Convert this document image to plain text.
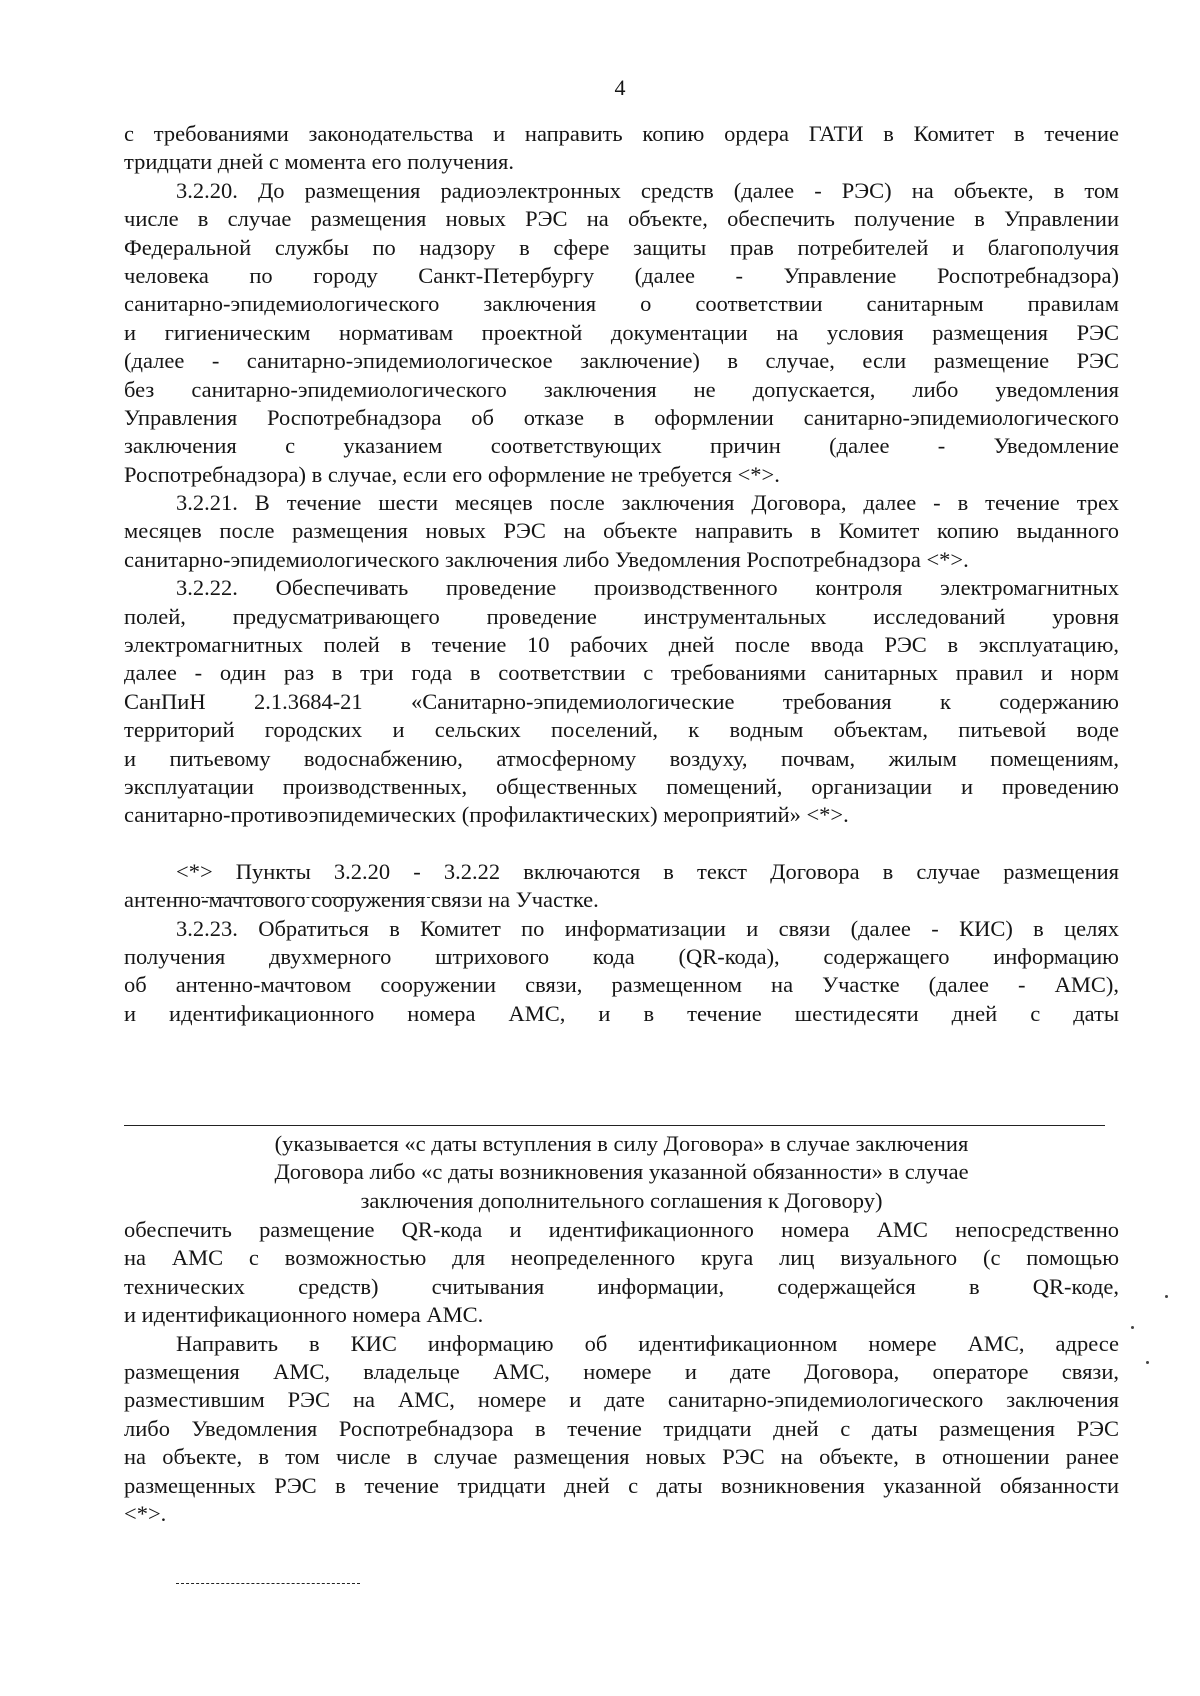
4
с требованиями законодательства и направить копию ордера ГАТИ в Комитет в течение
тридцати дней с момента его получения.
3.2.20. До размещения радиоэлектронных средств (далее - РЭС) на объекте, в том
числе в случае размещения новых РЭС на объекте, обеспечить получение в Управлении
Федеральной службы по надзору в сфере защиты прав потребителей и благополучия
человека по городу Санкт-Петербургу (далее - Управление Роспотребнадзора)
санитарно-эпидемиологического заключения о соответствии санитарным правилам
и гигиеническим нормативам проектной документации на условия размещения РЭС
(далее - санитарно-эпидемиологическое заключение) в случае, если размещение РЭС
без санитарно-эпидемиологического заключения не допускается, либо уведомления
Управления Роспотребнадзора об отказе в оформлении санитарно-эпидемиологического
заключения с указанием соответствующих причин (далее - Уведомление
Роспотребнадзора) в случае, если его оформление не требуется <*>.
3.2.21. В течение шести месяцев после заключения Договора, далее - в течение трех
месяцев после размещения новых РЭС на объекте направить в Комитет копию выданного
санитарно-эпидемиологического заключения либо Уведомления Роспотребнадзора <*>.
3.2.22. Обеспечивать проведение производственного контроля электромагнитных
полей, предусматривающего проведение инструментальных исследований уровня
электромагнитных полей в течение 10 рабочих дней после ввода РЭС в эксплуатацию,
далее - один раз в три года в соответствии с требованиями санитарных правил и норм
СанПиН 2.1.3684-21 «Санитарно-эпидемиологические требования к содержанию
территорий городских и сельских поселений, к водным объектам, питьевой воде
и питьевому водоснабжению, атмосферному воздуху, почвам, жилым помещениям,
эксплуатации производственных, общественных помещений, организации и проведению
санитарно-противоэпидемических (профилактических) мероприятий» <*>.
<*> Пункты 3.2.20 - 3.2.22 включаются в текст Договора в случае размещения
антенно-мачтового сооружения связи на Участке.
3.2.23. Обратиться в Комитет по информатизации и связи (далее - КИС) в целях
получения двухмерного штрихового кода (QR-кода), содержащего информацию
об антенно-мачтовом сооружении связи, размещенном на Участке (далее - АМС),
и идентификационного номера АМС, и в течение шестидесяти дней с даты
(указывается «с даты вступления в силу Договора» в случае заключения
Договора либо «с даты возникновения указанной обязанности» в случае
заключения дополнительного соглашения к Договору)
обеспечить размещение QR-кода и идентификационного номера АМС непосредственно
на АМС с возможностью для неопределенного круга лиц визуального (с помощью
технических средств) считывания информации, содержащейся в QR-коде,
и идентификационного номера АМС.
Направить в КИС информацию об идентификационном номере АМС, адресе
размещения АМС, владельце АМС, номере и дате Договора, операторе связи,
разместившим РЭС на АМС, номере и дате санитарно-эпидемиологического заключения
либо Уведомления Роспотребнадзора в течение тридцати дней с даты размещения РЭС
на объекте, в том числе в случае размещения новых РЭС на объекте, в отношении ранее
размещенных РЭС в течение тридцати дней с даты возникновения указанной обязанности
<*>.
